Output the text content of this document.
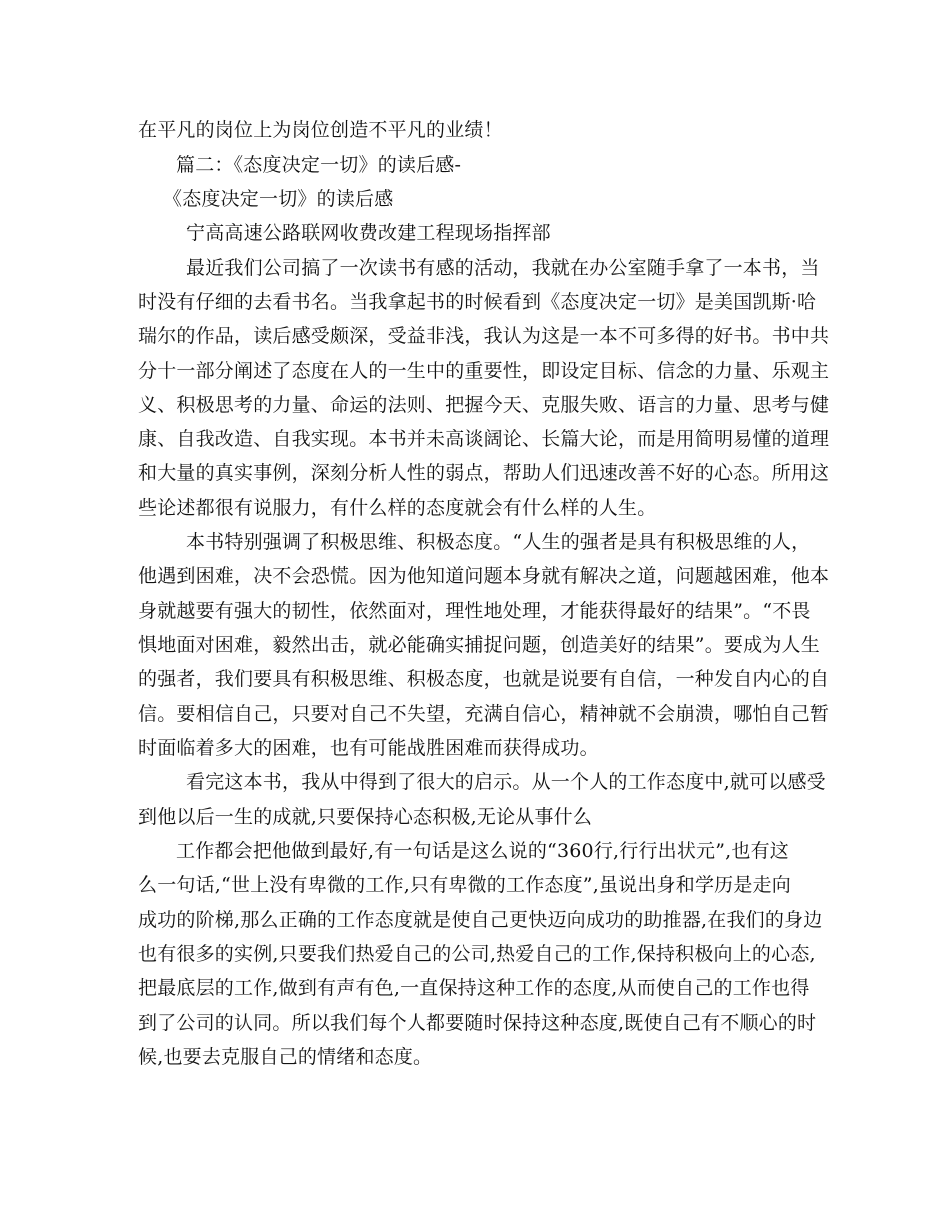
在平凡的岗位上为岗位创造不平凡的业绩！
篇二：《态度决定一切》的读后感-
《态度决定一切》的读后感
宁高高速公路联网收费改建工程现场指挥部
最近我们公司搞了一次读书有感的活动，我就在办公室随手拿了一本书，当
时没有仔细的去看书名。当我拿起书的时候看到《态度决定一切》是美国凯斯·哈
瑞尔的作品，读后感受颇深，受益非浅，我认为这是一本不可多得的好书。书中共
分十一部分阐述了态度在人的一生中的重要性，即设定目标、信念的力量、乐观主
义、积极思考的力量、命运的法则、把握今天、克服失败、语言的力量、思考与健
康、自我改造、自我实现。本书并未高谈阔论、长篇大论，而是用简明易懂的道理
和大量的真实事例，深刻分析人性的弱点，帮助人们迅速改善不好的心态。所用这
些论述都很有说服力，有什么样的态度就会有什么样的人生。
本书特别强调了积极思维、积极态度。“人生的强者是具有积极思维的人，
他遇到困难，决不会恐慌。因为他知道问题本身就有解决之道，问题越困难，他本
身就越要有强大的韧性，依然面对，理性地处理，才能获得最好的结果”。“不畏
惧地面对困难，毅然出击，就必能确实捕捉问题，创造美好的结果”。要成为人生
的强者，我们要具有积极思维、积极态度，也就是说要有自信，一种发自内心的自
信。要相信自己，只要对自己不失望，充满自信心，精神就不会崩溃，哪怕自己暂
时面临着多大的困难，也有可能战胜困难而获得成功。
看完这本书，我从中得到了很大的启示。从一个人的工作态度中,就可以感受
到他以后一生的成就,只要保持心态积极,无论从事什么
工作都会把他做到最好,有一句话是这么说的“360行,行行出状元”,也有这
么一句话,“世上没有卑微的工作,只有卑微的工作态度”,虽说出身和学历是走向
成功的阶梯,那么正确的工作态度就是使自己更快迈向成功的助推器,在我们的身边
也有很多的实例,只要我们热爱自己的公司,热爱自己的工作,保持积极向上的心态,
把最底层的工作,做到有声有色,一直保持这种工作的态度,从而使自己的工作也得
到了公司的认同。所以我们每个人都要随时保持这种态度,既使自己有不顺心的时
候,也要去克服自己的情绪和态度。
